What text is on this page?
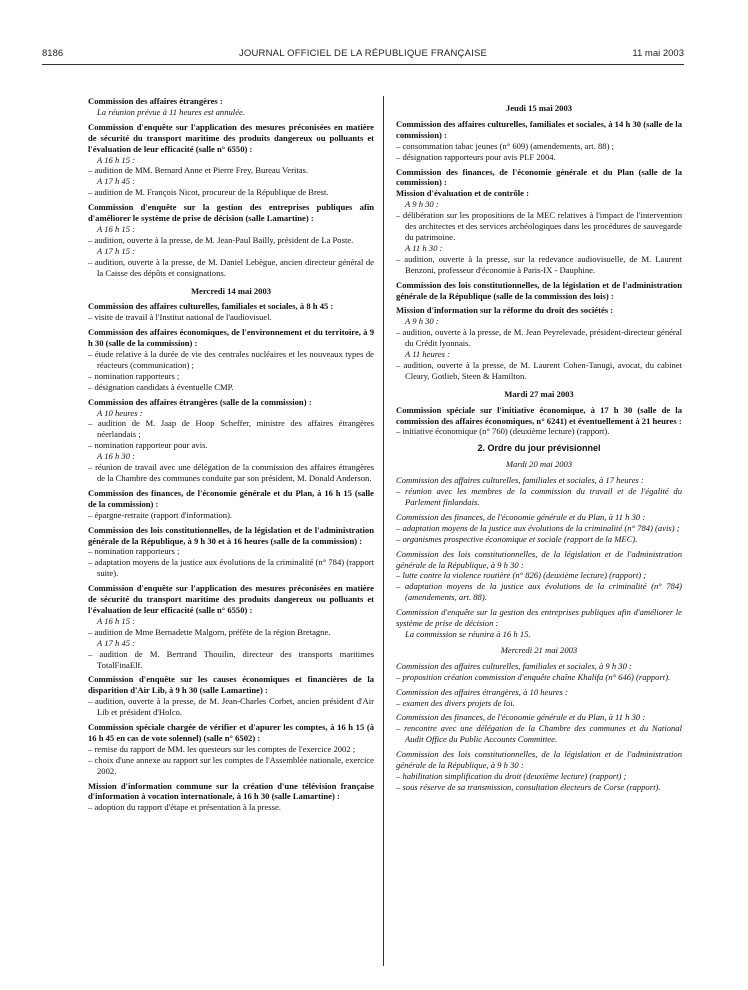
8186	JOURNAL OFFICIEL DE LA RÉPUBLIQUE FRANÇAISE	11 mai 2003
Commission des affaires étrangères :
La réunion prévue à 11 heures est annulée.
Commission d'enquête sur l'application des mesures préconisées en matière de sécurité du transport maritime des produits dangereux ou polluants et l'évaluation de leur efficacité (salle n° 6550) :
A 16 h 15 :
– audition de MM. Bernard Anne et Pierre Frey, Bureau Veritas.
A 17 h 45 :
– audition de M. François Nicot, procureur de la République de Brest.
Commission d'enquête sur la gestion des entreprises publiques afin d'améliorer le système de prise de décision (salle Lamartine) :
A 16 h 15 :
– audition, ouverte à la presse, de M. Jean-Paul Bailly, président de La Poste.
A 17 h 15 :
– audition, ouverte à la presse, de M. Daniel Lebègue, ancien directeur général de la Caisse des dépôts et consignations.
Mercredi 14 mai 2003
Commission des affaires culturelles, familiales et sociales, à 8 h 45 :
– visite de travail à l'Institut national de l'audiovisuel.
Commission des affaires économiques, de l'environnement et du territoire, à 9 h 30 (salle de la commission) :
– étude relative à la durée de vie des centrales nucléaires et les nouveaux types de réacteurs (communication) ;
– nomination rapporteurs ;
– désignation candidats à éventuelle CMP.
Commission des affaires étrangères (salle de la commission) :
A 10 heures :
– audition de M. Jaap de Hoop Scheffer, ministre des affaires étrangères néerlandais ;
– nomination rapporteur pour avis.
A 16 h 30 :
– réunion de travail avec une délégation de la commission des affaires étrangères de la Chambre des communes conduite par son président, M. Donald Anderson.
Commission des finances, de l'économie générale et du Plan, à 16 h 15 (salle de la commission) :
– épargne-retraite (rapport d'information).
Commission des lois constitutionnelles, de la législation et de l'administration générale de la République, à 9 h 30 et à 16 heures (salle de la commission) :
– nomination rapporteurs ;
– adaptation moyens de la justice aux évolutions de la criminalité (n° 784) (rapport suite).
Commission d'enquête sur l'application des mesures préconisées en matière de sécurité du transport maritime des produits dangereux ou polluants et l'évaluation de leur efficacité (salle n° 6550) :
A 16 h 15 :
– audition de Mme Bernadette Malgorn, préfète de la région Bretagne.
A 17 h 45 :
– audition de M. Bertrand Thouilin, directeur des transports maritimes TotalFinaElf.
Commission d'enquête sur les causes économiques et financières de la disparition d'Air Lib, à 9 h 30 (salle Lamartine) :
– audition, ouverte à la presse, de M. Jean-Charles Corbet, ancien président d'Air Lib et président d'Holco.
Commission spéciale chargée de vérifier et d'apurer les comptes, à 16 h 15 (à 16 h 45 en cas de vote solennel) (salle n° 6502) :
– remise du rapport de MM. les questeurs sur les comptes de l'exercice 2002 ;
– choix d'une annexe au rapport sur les comptes de l'Assemblée nationale, exercice 2002.
Mission d'information commune sur la création d'une télévision française d'information à vocation internationale, à 16 h 30 (salle Lamartine) :
– adoption du rapport d'étape et présentation à la presse.
Jeudi 15 mai 2003
Commission des affaires culturelles, familiales et sociales, à 14 h 30 (salle de la commission) :
– consommation tabac jeunes (n° 609) (amendements, art. 88) ;
– désignation rapporteurs pour avis PLF 2004.
Commission des finances, de l'économie générale et du Plan (salle de la commission) :
Mission d'évaluation et de contrôle :
A 9 h 30 :
– délibération sur les propositions de la MEC relatives à l'impact de l'intervention des architectes et des services archéologiques dans les procédures de sauvegarde du patrimoine.
A 11 h 30 :
– audition, ouverte à la presse, sur la redevance audiovisuelle, de M. Laurent Benzoni, professeur d'économie à Paris-IX - Dauphine.
Commission des lois constitutionnelles, de la législation et de l'administration générale de la République (salle de la commission des lois) :
Mission d'information sur la réforme du droit des sociétés :
A 9 h 30 :
– audition, ouverte à la presse, de M. Jean Peyrelevade, président-directeur général du Crédit lyonnais.
A 11 heures :
– audition, ouverte à la presse, de M. Laurent Cohen-Tanugi, avocat, du cabinet Cleary, Gotlieb, Steen & Hamilton.
Mardi 27 mai 2003
Commission spéciale sur l'initiative économique, à 17 h 30 (salle de la commission des affaires économiques, n° 6241) et éventuellement à 21 heures :
– initiative économique (n° 760) (deuxième lecture) (rapport).
2. Ordre du jour prévisionnel
Mardi 20 mai 2003
Commission des affaires culturelles, familiales et sociales, à 17 heures :
– réunion avec les membres de la commission du travail et de l'égalité du Parlement finlandais.
Commission des finances, de l'économie générale et du Plan, à 11 h 30 :
– adaptation moyens de la justice aux évolutions de la criminalité (n° 784) (avis) ;
– organismes prospective économique et sociale (rapport de la MEC).
Commission des lois constitutionnelles, de la législation et de l'administration générale de la République, à 9 h 30 :
– lutte contre la violence routière (n° 826) (deuxième lecture) (rapport) ;
– adaptation moyens de la justice aux évolutions de la criminalité (n° 784) (amendements, art. 88).
Commission d'enquête sur la gestion des entreprises publiques afin d'améliorer le système de prise de décision :
La commission se réunira à 16 h 15.
Mercredi 21 mai 2003
Commission des affaires culturelles, familiales et sociales, à 9 h 30 :
– proposition création commission d'enquête chaîne Khalifa (n° 646) (rapport).
Commission des affaires étrangères, à 10 heures :
– examen des divers projets de loi.
Commission des finances, de l'économie générale et du Plan, à 11 h 30 :
– rencontre avec une délégation de la Chambre des communes et du National Audit Office du Public Accounts Committee.
Commission des lois constitutionnelles, de la législation et de l'administration générale de la République, à 9 h 30 :
– habilitation simplification du droit (deuxième lecture) (rapport) ;
– sous réserve de sa transmission, consultation électeurs de Corse (rapport).
